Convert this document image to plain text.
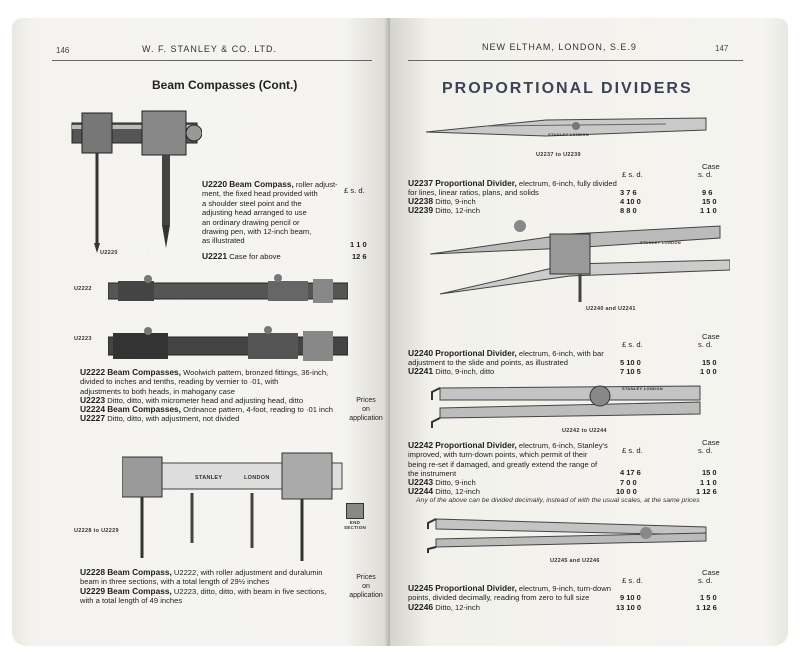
146	W. F. STANLEY & CO. LTD.
Beam Compasses (Cont.)
U2220
U2220 Beam Compass, roller adjust-
ment, the fixed head provided with
a shoulder steel point and the
adjusting head arranged to use
an ordinary drawing pencil or
drawing pen, with 12-inch beam,
as illustrated
£ s. d.
1 1 0
U2221 Case for above	12 6
U2222
U2223
U2222 Beam Compasses, Woolwich pattern, bronzed fittings, 36-inch,
divided to inches and tenths, reading by vernier to ·01, with
adjustments to both heads, in mahogany case
U2223 Ditto, ditto, with micrometer head and adjusting head, ditto
U2224 Beam Compasses, Ordnance pattern, 4-foot, reading to ·01 inch
U2227 Ditto, ditto, with adjustment, not divided
Prices
on
application
STANLEY	LONDON
U2228 to U2229
END SECTION
U2228 Beam Compass, U2222, with roller adjustment and duralumin
beam in three sections, with a total length of 29½ inches
U2229 Beam Compass, U2223, ditto, ditto, with beam in five sections,
with a total length of 49 inches
Prices
on
application
NEW ELTHAM, LONDON, S.E.9	147
PROPORTIONAL DIVIDERS
STANLEY LONDON
U2237 to U2239
Case
£ s. d.	s. d.
U2237 Proportional Divider, electrum, 6-inch, fully divided
for lines, linear ratios, plans, and solids	3 7 6	9 6
U2238 Ditto, 9-inch	4 10 0	15 0
U2239 Ditto, 12-inch	8 8 0	1 1 0
STANLEY LONDON
U2240 and U2241
Case
£ s. d.	s. d.
U2240 Proportional Divider, electrum, 6-inch, with bar
adjustment to the slide and points, as illustrated	5 10 0	15 0
U2241 Ditto, 9-inch, ditto	7 10 5	1 0 0
STANLEY LONDON
U2242 to U2244
Case
£ s. d.	s. d.
U2242 Proportional Divider, electrum, 6-inch, Stanley's
improved, with turn-down points, which permit of their
being re-set if damaged, and greatly extend the range of
the instrument	4 17 6	15 0
U2243 Ditto, 9-inch	7 0 0	1 1 0
U2244 Ditto, 12-inch	10 0 0	1 12 6
Any of the above can be divided decimally, instead of with the usual scales, at the same prices
U2245 and U2246
Case
£ s. d.	s. d.
U2245 Proportional Divider, electrum, 9-inch, turn-down
points, divided decimally, reading from zero to full size	9 10 0	1 5 0
U2246 Ditto, 12-inch	13 10 0	1 12 6
